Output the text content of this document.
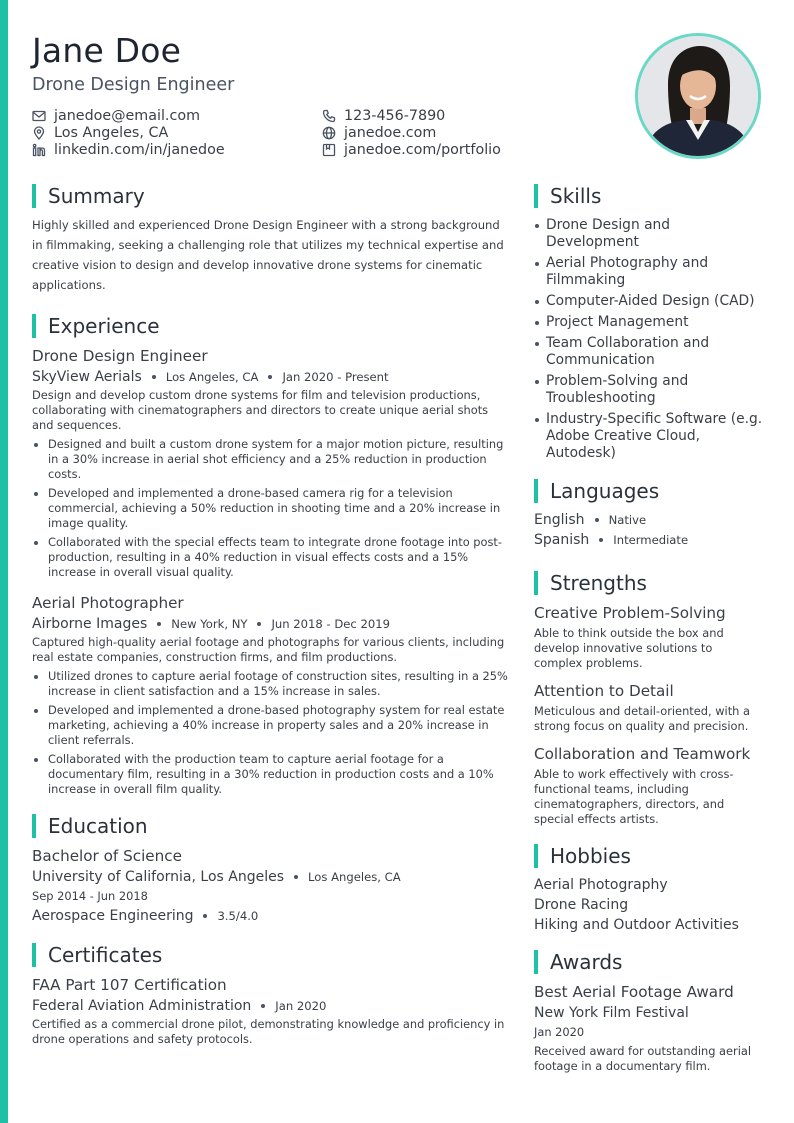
Jane Doe
Drone Design Engineer
janedoe@email.com
Los Angeles, CA
linkedin.com/in/janedoe
123-456-7890
janedoe.com
janedoe.com/portfolio
Summary
Highly skilled and experienced Drone Design Engineer with a strong background in filmmaking, seeking a challenging role that utilizes my technical expertise and creative vision to design and develop innovative drone systems for cinematic applications.
Experience
Drone Design Engineer
SkyView Aerials Los Angeles, CA Jan 2020 - Present
Design and develop custom drone systems for film and television productions, collaborating with cinematographers and directors to create unique aerial shots and sequences.
Designed and built a custom drone system for a major motion picture, resulting in a 30% increase in aerial shot efficiency and a 25% reduction in production costs.
Developed and implemented a drone-based camera rig for a television commercial, achieving a 50% reduction in shooting time and a 20% increase in image quality.
Collaborated with the special effects team to integrate drone footage into post-production, resulting in a 40% reduction in visual effects costs and a 15% increase in overall visual quality.
Aerial Photographer
Airborne Images New York, NY Jun 2018 - Dec 2019
Captured high-quality aerial footage and photographs for various clients, including real estate companies, construction firms, and film productions.
Utilized drones to capture aerial footage of construction sites, resulting in a 25% increase in client satisfaction and a 15% increase in sales.
Developed and implemented a drone-based photography system for real estate marketing, achieving a 40% increase in property sales and a 20% increase in client referrals.
Collaborated with the production team to capture aerial footage for a documentary film, resulting in a 30% reduction in production costs and a 10% increase in overall film quality.
Education
Bachelor of Science
University of California, Los Angeles Los Angeles, CA
Sep 2014 - Jun 2018
Aerospace Engineering 3.5/4.0
Certificates
FAA Part 107 Certification
Federal Aviation Administration Jan 2020
Certified as a commercial drone pilot, demonstrating knowledge and proficiency in drone operations and safety protocols.
Skills
Drone Design and Development
Aerial Photography and Filmmaking
Computer-Aided Design (CAD)
Project Management
Team Collaboration and Communication
Problem-Solving and Troubleshooting
Industry-Specific Software (e.g. Adobe Creative Cloud, Autodesk)
Languages
English Native
Spanish Intermediate
Strengths
Creative Problem-Solving
Able to think outside the box and develop innovative solutions to complex problems.
Attention to Detail
Meticulous and detail-oriented, with a strong focus on quality and precision.
Collaboration and Teamwork
Able to work effectively with cross-functional teams, including cinematographers, directors, and special effects artists.
Hobbies
Aerial Photography
Drone Racing
Hiking and Outdoor Activities
Awards
Best Aerial Footage Award
New York Film Festival
Jan 2020
Received award for outstanding aerial footage in a documentary film.
